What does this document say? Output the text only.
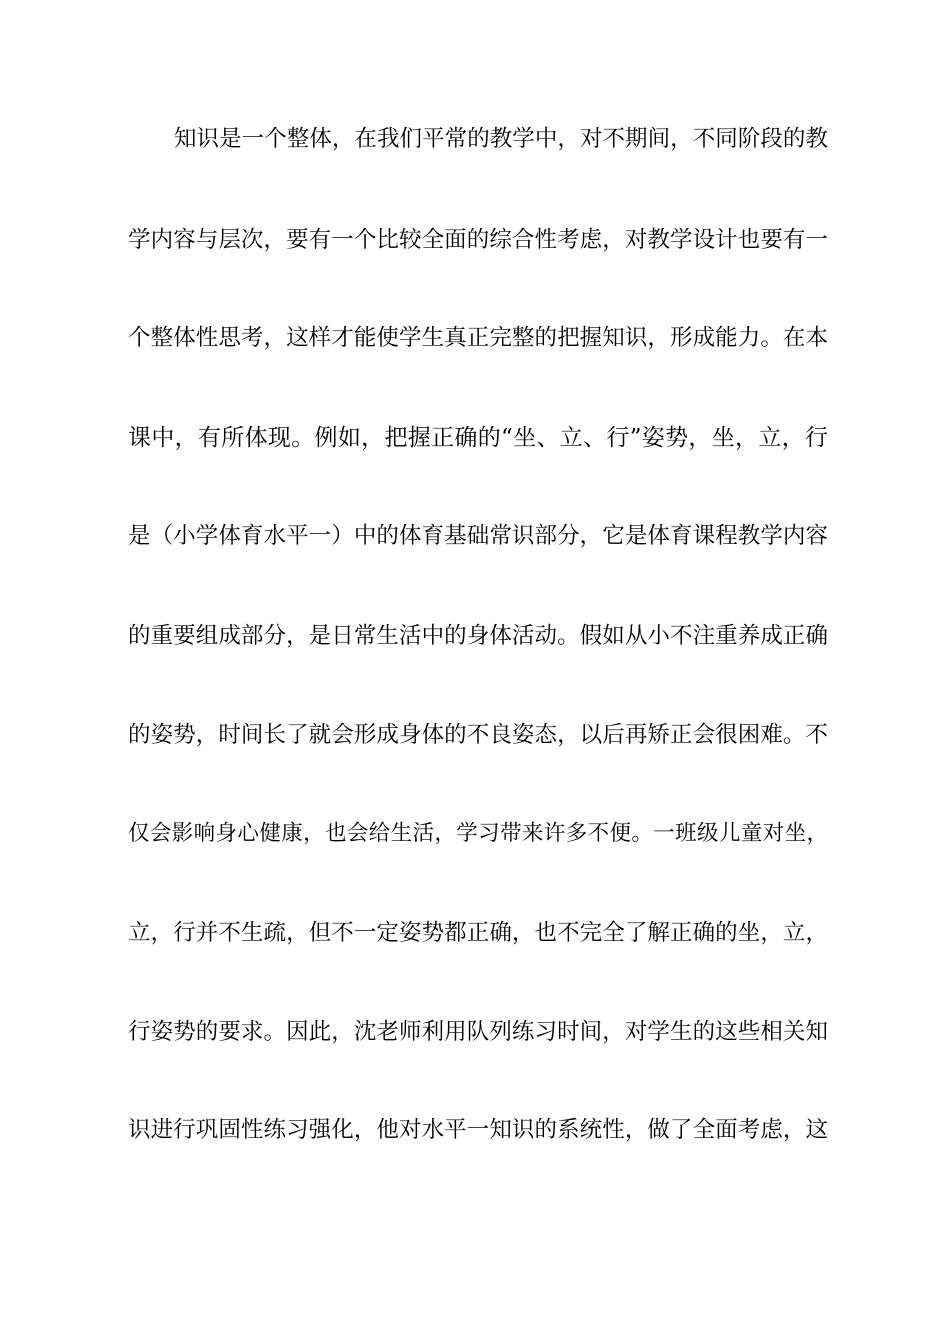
知识是一个整体，在我们平常的教学中，对不期间，不同阶段的教
学内容与层次，要有一个比较全面的综合性考虑，对教学设计也要有一
个整体性思考，这样才能使学生真正完整的把握知识，形成能力。在本
课中，有所体现。例如，把握正确的“坐、立、行”姿势，坐，立，行
是（小学体育水平一）中的体育基础常识部分，它是体育课程教学内容
的重要组成部分，是日常生活中的身体活动。假如从小不注重养成正确
的姿势，时间长了就会形成身体的不良姿态，以后再矫正会很困难。不
仅会影响身心健康，也会给生活，学习带来许多不便。一班级儿童对坐，
立，行并不生疏，但不一定姿势都正确，也不完全了解正确的坐，立，
行姿势的要求。因此，沈老师利用队列练习时间，对学生的这些相关知
识进行巩固性练习强化，他对水平一知识的系统性，做了全面考虑，这
